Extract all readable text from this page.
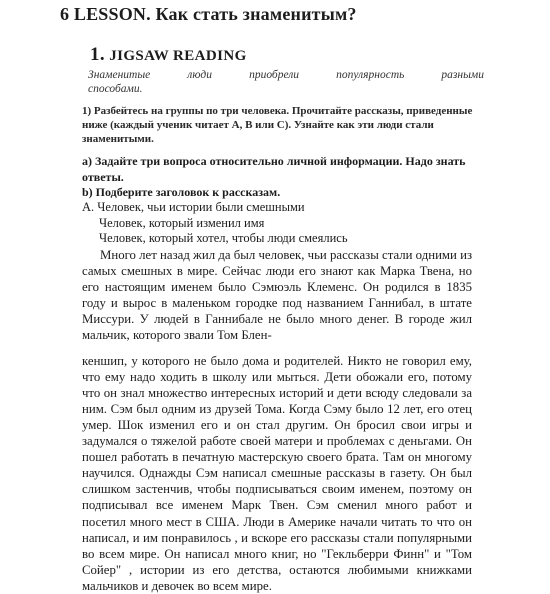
6 LESSON. Как стать знаменитым?
1. JIGSAW READING
Знаменитые люди приобрели популярность разными способами.
1) Разбейтесь на группы по три человека. Прочитайте рассказы, приведенные ниже (каждый ученик читает А, В или С). Узнайте как эти люди стали знаменитыми.
а) Задайте три вопроса относительно личной информации. Надо знать ответы.
b) Подберите заголовок к рассказам.
А. Человек, чьи истории были смешными
Человек, который изменил имя
Человек, который хотел, чтобы люди смеялись

Много лет назад жил да был человек, чьи рассказы стали одними из самых смешных в мире. Сейчас люди его знают как Марка Твена, но его настоящим именем было Сэмюэль Клеменс. Он родился в 1835 году и вырос в маленьком городке под названием Ганнибал, в штате Миссури. У людей в Ганнибале не было много денег. В городе жил мальчик, которого звали Том Блен-

кеншип, у которого не было дома и родителей. Никто не говорил ему, что ему надо ходить в школу или мыться. Дети обожали его, потому что он знал множество интересных историй и дети всюду следовали за ним. Сэм был одним из друзей Тома. Когда Сэму было 12 лет, его отец умер. Шок изменил его и он стал другим. Он бросил свои игры и задумался о тяжелой работе своей матери и проблемах с деньгами. Он пошел работать в печатную мастерскую своего брата. Там он многому научился. Однажды Сэм написал смешные рассказы в газету. Он был слишком застенчив, чтобы подписываться своим именем, поэтому он подписывал все именем Марк Твен. Сэм сменил много работ и посетил много мест в США. Люди в Америке начали читать то что он написал, и им понравилось , и вскоре его рассказы стали популярными во всем мире. Он написал много книг, но "Гекльберри Финн" и "Том Сойер" , истории из его детства, остаются любимыми книжками мальчиков и девочек во всем мире.
